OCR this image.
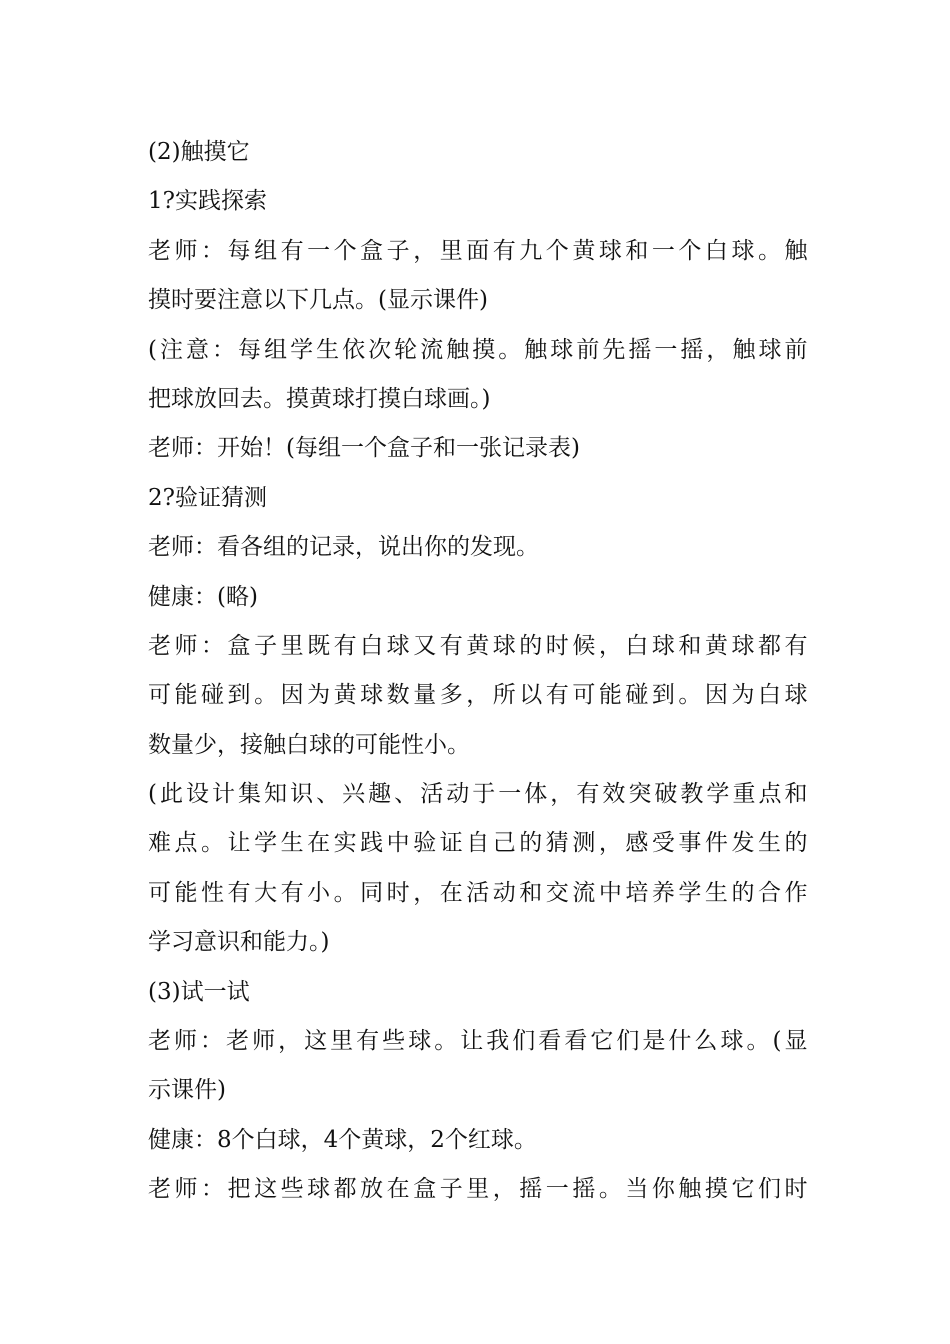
(2)触摸它
1?实践探索
老师：每组有一个盒子，里面有九个黄球和一个白球。触
摸时要注意以下几点。(显示课件)
(注意：每组学生依次轮流触摸。触球前先摇一摇，触球前
把球放回去。摸黄球打摸白球画。)
老师：开始！(每组一个盒子和一张记录表)
2?验证猜测
老师：看各组的记录，说出你的发现。
健康：(略)
老师：盒子里既有白球又有黄球的时候，白球和黄球都有
可能碰到。因为黄球数量多，所以有可能碰到。因为白球
数量少，接触白球的可能性小。
(此设计集知识、兴趣、活动于一体，有效突破教学重点和
难点。让学生在实践中验证自己的猜测，感受事件发生的
可能性有大有小。同时，在活动和交流中培养学生的合作
学习意识和能力。)
(3)试一试
老师：老师，这里有些球。让我们看看它们是什么球。(显
示课件)
健康：8个白球，4个黄球，2个红球。
老师：把这些球都放在盒子里，摇一摇。当你触摸它们时
